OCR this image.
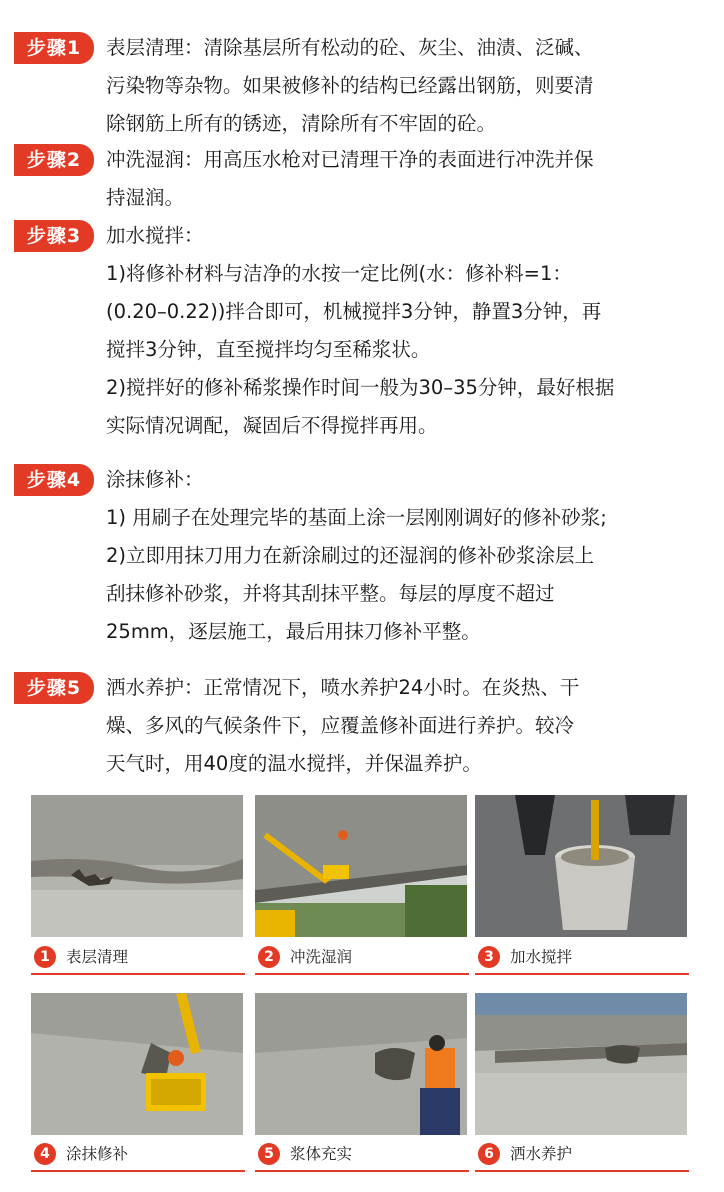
步骤1	表层清理：清除基层所有松动的砼、灰尘、油渍、泛碱、
污染物等杂物。如果被修补的结构已经露出钢筋，则要清
除钢筋上所有的锈迹，清除所有不牢固的砼。
步骤2	冲洗湿润：用高压水枪对已清理干净的表面进行冲洗并保
持湿润。
步骤3	加水搅拌：
1)将修补材料与洁净的水按一定比例(水：修补料=1：
(0.20–0.22))拌合即可，机械搅拌3分钟，静置3分钟，再
搅拌3分钟，直至搅拌均匀至稀浆状。
2)搅拌好的修补稀浆操作时间一般为30–35分钟，最好根据
实际情况调配，凝固后不得搅拌再用。
步骤4	涂抹修补：
1) 用刷子在处理完毕的基面上涂一层刚刚调好的修补砂浆;
2)立即用抹刀用力在新涂刷过的还湿润的修补砂浆涂层上
刮抹修补砂浆，并将其刮抹平整。每层的厚度不超过
25mm，逐层施工，最后用抹刀修补平整。
步骤5	洒水养护：正常情况下，喷水养护24小时。在炎热、干
燥、多风的气候条件下，应覆盖修补面进行养护。较冷
天气时，用40度的温水搅拌，并保温养护。
1	表层清理	2	冲洗湿润	3	加水搅拌
4	涂抹修补	5	浆体充实	6	洒水养护
